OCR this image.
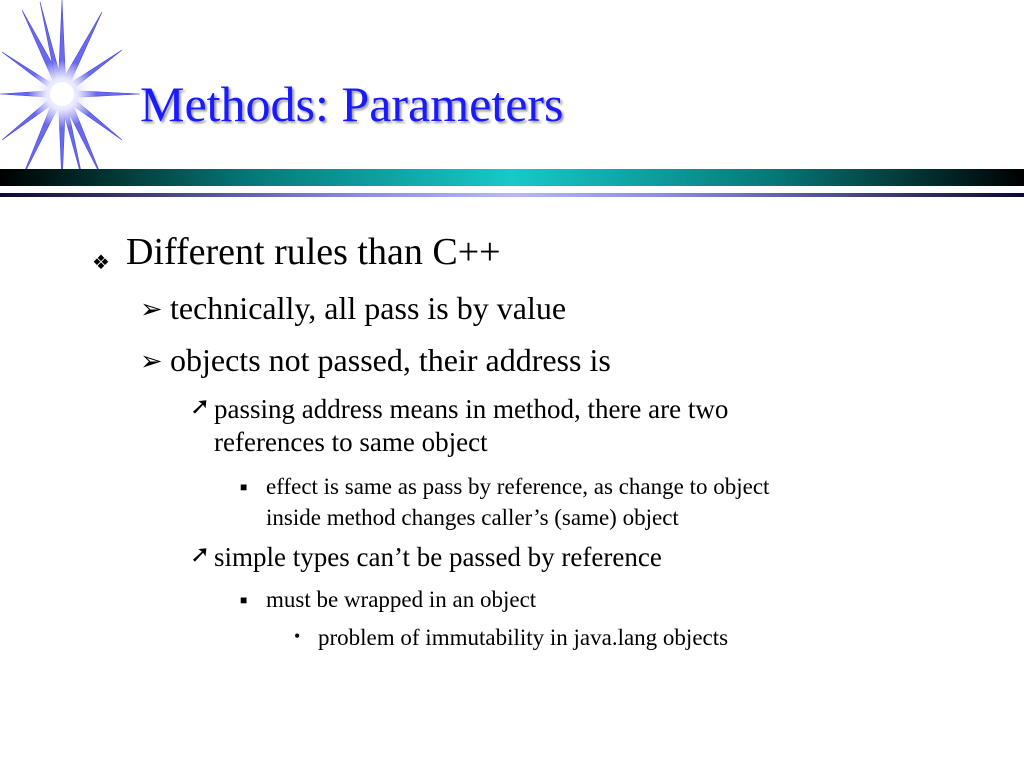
Methods: Parameters
❖ Different rules than C++
➢ technically, all pass is by value
➢ objects not passed, their address is
➚ passing address means in method, there are two
references to same object
■ effect is same as pass by reference, as change to object
inside method changes caller’s (same) object
➚ simple types can’t be passed by reference
■ must be wrapped in an object
• problem of immutability in java.lang objects
